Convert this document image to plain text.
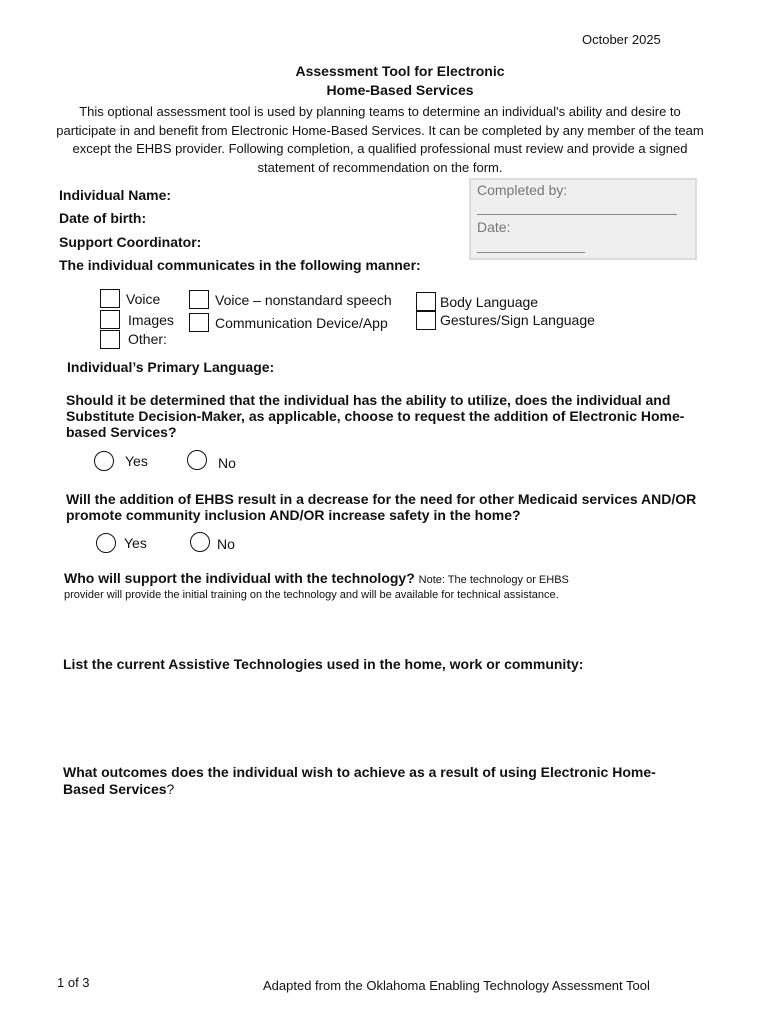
October 2025
Assessment Tool for Electronic
Home-Based Services
This optional assessment tool is used by planning teams to determine an individual's ability and desire to participate in and benefit from Electronic Home-Based Services. It can be completed by any member of the team except the EHBS provider. Following completion, a qualified professional must review and provide a signed statement of recommendation on the form.
Individual Name:
Date of birth:
Support Coordinator:
The individual communicates in the following manner:
Completed by:
Date:
Voice
Images
Other:
Voice – nonstandard speech
Communication Device/App
Body Language
Gestures/Sign Language
Individual’s Primary Language:
Should it be determined that the individual has the ability to utilize, does the individual and Substitute Decision-Maker, as applicable, choose to request the addition of Electronic Home-based Services?
Yes	No
Will the addition of EHBS result in a decrease for the need for other Medicaid services AND/OR promote community inclusion AND/OR increase safety in the home?
Yes	No
Who will support the individual with the technology? Note: The technology or EHBS
provider will provide the initial training on the technology and will be available for technical assistance.
List the current Assistive Technologies used in the home, work or community:
What outcomes does the individual wish to achieve as a result of using Electronic Home-Based Services?
1 of 3	Adapted from the Oklahoma Enabling Technology Assessment Tool
